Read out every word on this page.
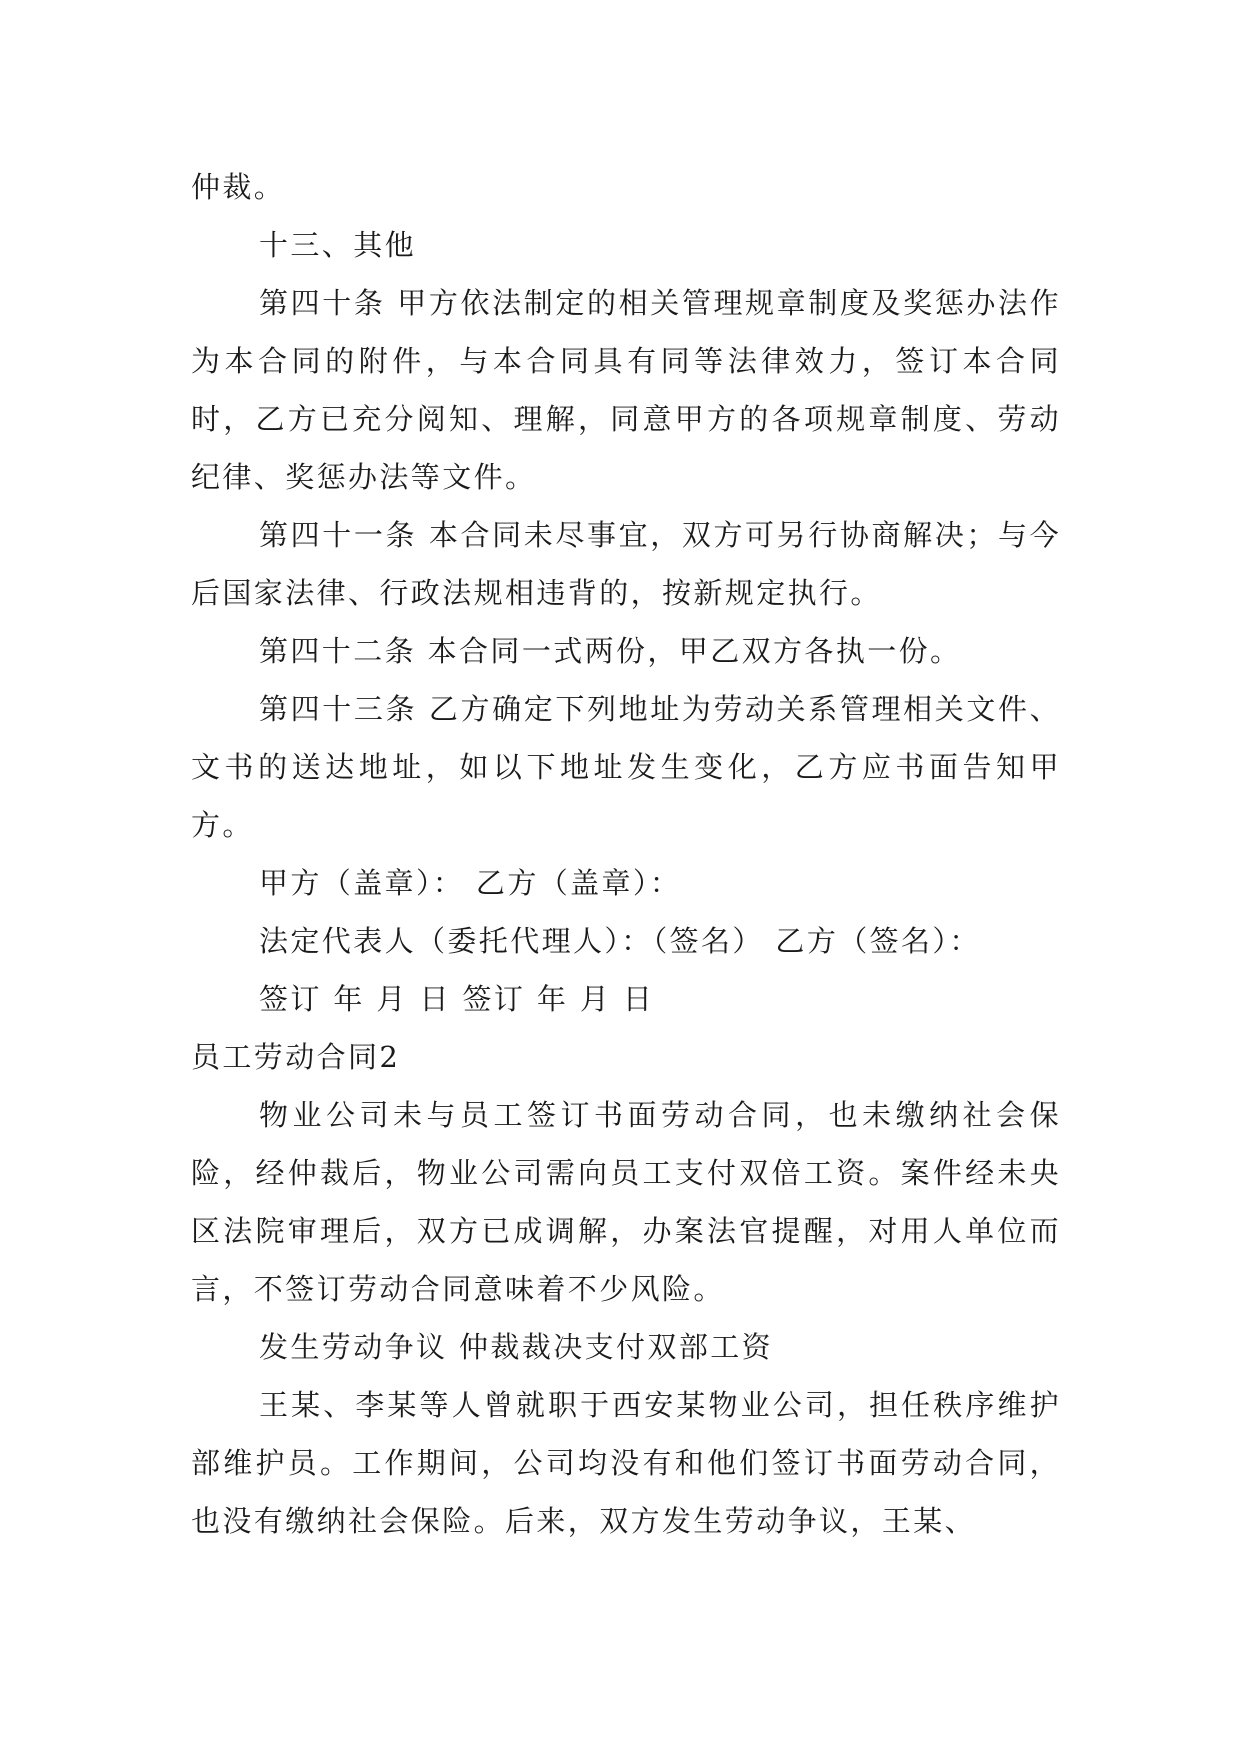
仲裁。

十三、其他

第四十条 甲方依法制定的相关管理规章制度及奖惩办法作为本合同的附件，与本合同具有同等法律效力，签订本合同时，乙方已充分阅知、理解，同意甲方的各项规章制度、劳动纪律、奖惩办法等文件。

第四十一条 本合同未尽事宜，双方可另行协商解决；与今后国家法律、行政法规相违背的，按新规定执行。

第四十二条 本合同一式两份，甲乙双方各执一份。

第四十三条 乙方确定下列地址为劳动关系管理相关文件、文书的送达地址，如以下地址发生变化，乙方应书面告知甲方。

甲方（盖章）： 乙方（盖章）：

法定代表人（委托代理人）：（签名） 乙方（签名）：

签订 年 月 日 签订 年 月 日

员工劳动合同2

物业公司未与员工签订书面劳动合同，也未缴纳社会保险，经仲裁后，物业公司需向员工支付双倍工资。案件经未央区法院审理后，双方已成调解，办案法官提醒，对用人单位而言，不签订劳动合同意味着不少风险。

发生劳动争议 仲裁裁决支付双部工资

王某、李某等人曾就职于西安某物业公司，担任秩序维护部维护员。工作期间，公司均没有和他们签订书面劳动合同，也没有缴纳社会保险。后来，双方发生劳动争议，王某、
